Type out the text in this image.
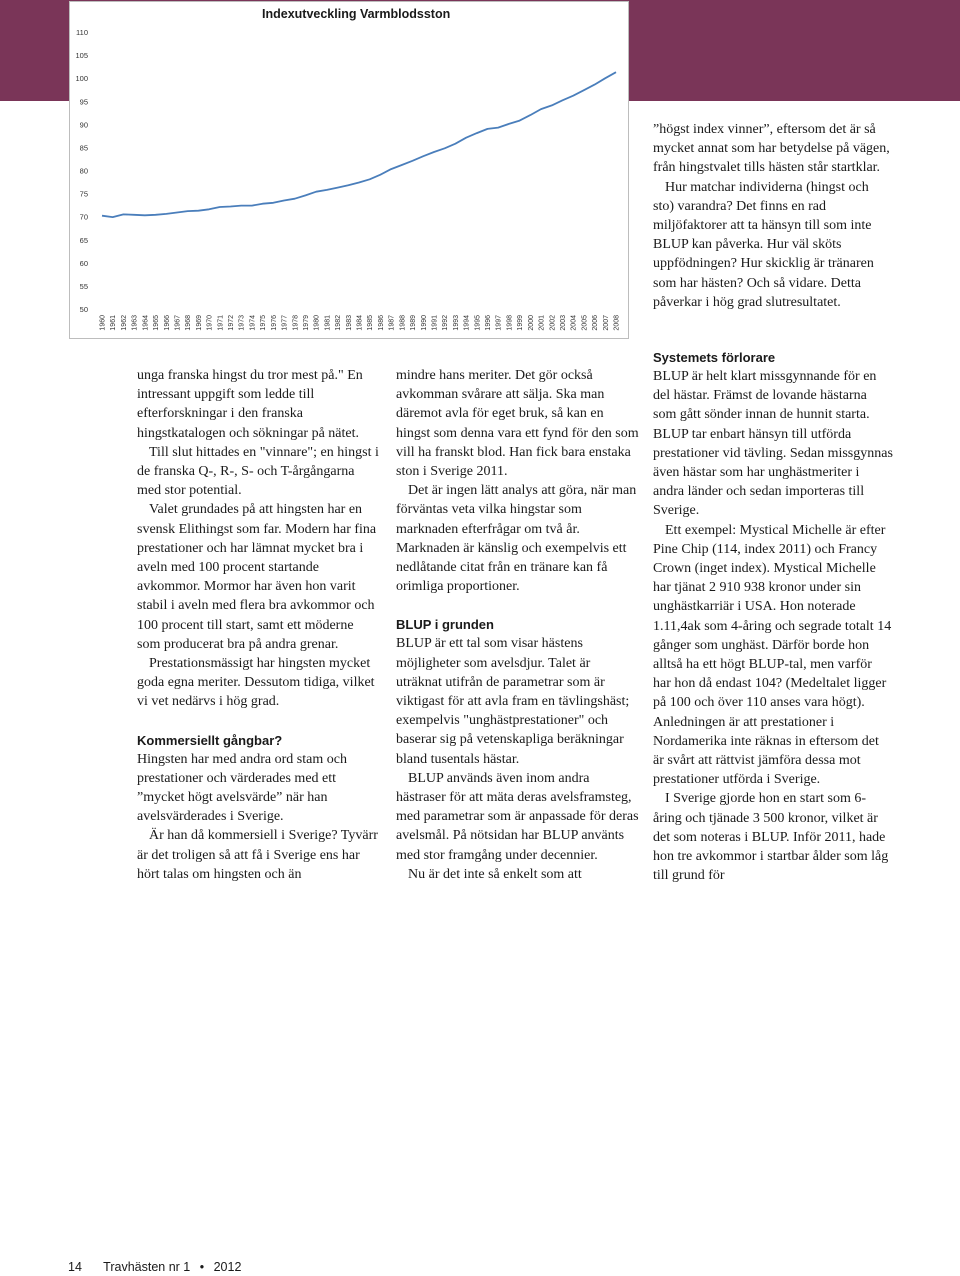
Indexutveckling Varmblodsston
50
55
60
65
70
75
80
85
90
95
100
105
110
1960 1961 1962 1963 1964 1965 1966 1967 1968 1969 1970 1971 1972 1973 1974 1975 1976 1977 1978 1979 1980 1981 1982 1983 1984 1985 1986 1987 1988 1989 1990 1991 1992 1993 1994 1995 1996 1997 1998 1999 2000 2001 2002 2003 2004 2005 2006 2007 2008

”högst index vinner”, eftersom det är så mycket annat som har betydelse på vägen, från hingstvalet tills hästen står startklar.

Hur matchar individerna (hingst och sto) varandra? Det finns en rad miljöfaktorer att ta hänsyn till som inte BLUP kan påverka. Hur väl sköts uppfödningen? Hur skicklig är tränaren som har hästen? Och så vidare. Detta påverkar i hög grad slutresultatet.

unga franska hingst du tror mest på." En intressant uppgift som ledde till efterforskningar i den franska hingstkatalogen och sökningar på nätet.

Till slut hittades en "vinnare"; en hingst i de franska Q-, R-, S- och T-årgångarna med stor potential.

Valet grundades på att hingsten har en svensk Elithingst som far. Modern har fina prestationer och har lämnat mycket bra i aveln med 100 procent startande avkommor. Mormor har även hon varit stabil i aveln med flera bra avkommor och 100 procent till start, samt ett möderne som producerat bra på andra grenar.

Prestationsmässigt har hingsten mycket goda egna meriter. Dessutom tidiga, vilket vi vet nedärvs i hög grad.

Kommersiellt gångbar?

Hingsten har med andra ord stam och prestationer och värderades med ett ”mycket högt avelsvärde” när han avelsvärderades i Sverige.

Är han då kommersiell i Sverige? Tyvärr är det troligen så att få i Sverige ens har hört talas om hingsten och än

mindre hans meriter. Det gör också avkomman svårare att sälja. Ska man däremot avla för eget bruk, så kan en hingst som denna vara ett fynd för den som vill ha franskt blod. Han fick bara enstaka ston i Sverige 2011.

Det är ingen lätt analys att göra, när man förväntas veta vilka hingstar som marknaden efterfrågar om två år. Marknaden är känslig och exempelvis ett nedlåtande citat från en tränare kan få orimliga proportioner.

BLUP i grunden

BLUP är ett tal som visar hästens möjligheter som avelsdjur. Talet är uträknat utifrån de parametrar som är viktigast för att avla fram en tävlingshäst; exempelvis "unghästprestationer" och baserar sig på vetenskapliga beräkningar bland tusentals hästar.

BLUP används även inom andra hästraser för att mäta deras avelsframsteg, med parametrar som är anpassade för deras avelsmål. På nötsidan har BLUP använts med stor framgång under decennier.

Nu är det inte så enkelt som att

Systemets förlorare

BLUP är helt klart missgynnande för en del hästar. Främst de lovande hästarna som gått sönder innan de hunnit starta. BLUP tar enbart hänsyn till utförda prestationer vid tävling. Sedan missgynnas även hästar som har unghästmeriter i andra länder och sedan importeras till Sverige.

Ett exempel: Mystical Michelle är efter Pine Chip (114, index 2011) och Francy Crown (inget index). Mystical Michelle har tjänat 2 910 938 kronor under sin unghästkarriär i USA. Hon noterade 1.11,4ak som 4-åring och segrade totalt 14 gånger som unghäst. Därför borde hon alltså ha ett högt BLUP-tal, men varför har hon då endast 104? (Medeltalet ligger på 100 och över 110 anses vara högt). Anledningen är att prestationer i Nordamerika inte räknas in eftersom det är svårt att rättvist jämföra dessa mot prestationer utförda i Sverige.

I Sverige gjorde hon en start som 6-åring och tjänade 3 500 kronor, vilket är det som noteras i BLUP. Inför 2011, hade hon tre avkommor i startbar ålder som låg till grund för

14 Travhästen nr 1 • 2012
